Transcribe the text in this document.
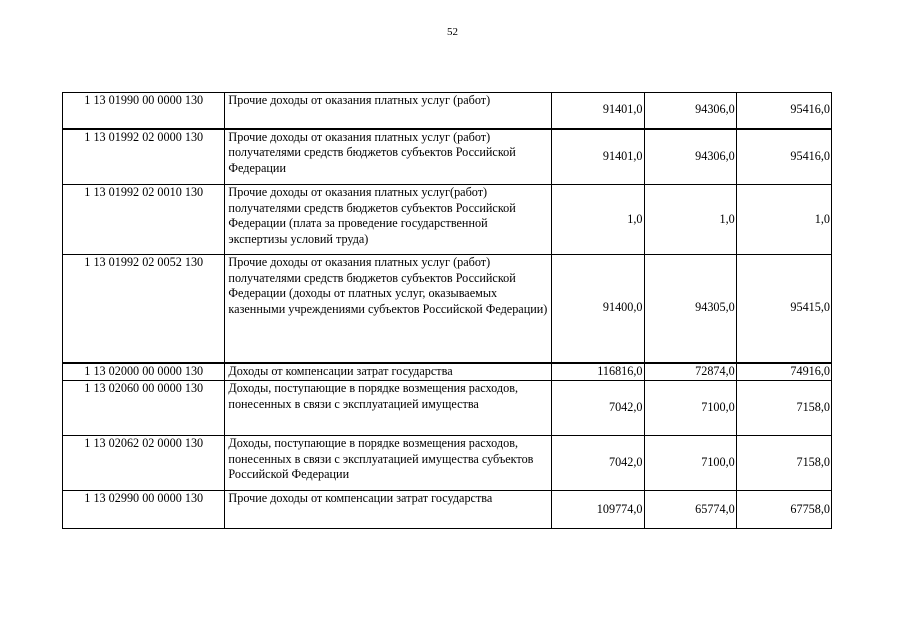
52
1 13 01990 00 0000 130	Прочие доходы от оказания платных услуг (работ)	91401,0	94306,0	95416,0
1 13 01992 02 0000 130	Прочие доходы от оказания платных услуг (работ) получателями средств бюджетов субъектов Российской Федерации	91401,0	94306,0	95416,0
1 13 01992 02 0010 130	Прочие доходы от оказания платных услуг(работ) получателями средств бюджетов субъектов Российской Федерации (плата за проведение государственной экспертизы условий труда)	1,0	1,0	1,0
1 13 01992 02 0052 130	Прочие доходы от оказания платных услуг (работ) получателями средств бюджетов субъектов Российской Федерации (доходы от платных услуг, оказываемых казенными учреждениями субъектов Российской Федерации)	91400,0	94305,0	95415,0
1 13 02000 00 0000 130	Доходы от компенсации затрат государства	116816,0	72874,0	74916,0
1 13 02060 00 0000 130	Доходы, поступающие в порядке возмещения расходов, понесенных в связи с эксплуатацией имущества	7042,0	7100,0	7158,0
1 13 02062 02 0000 130	Доходы, поступающие в порядке возмещения расходов, понесенных в связи с эксплуатацией имущества субъектов Российской Федерации	7042,0	7100,0	7158,0
1 13 02990 00 0000 130	Прочие доходы от компенсации затрат государства	109774,0	65774,0	67758,0
